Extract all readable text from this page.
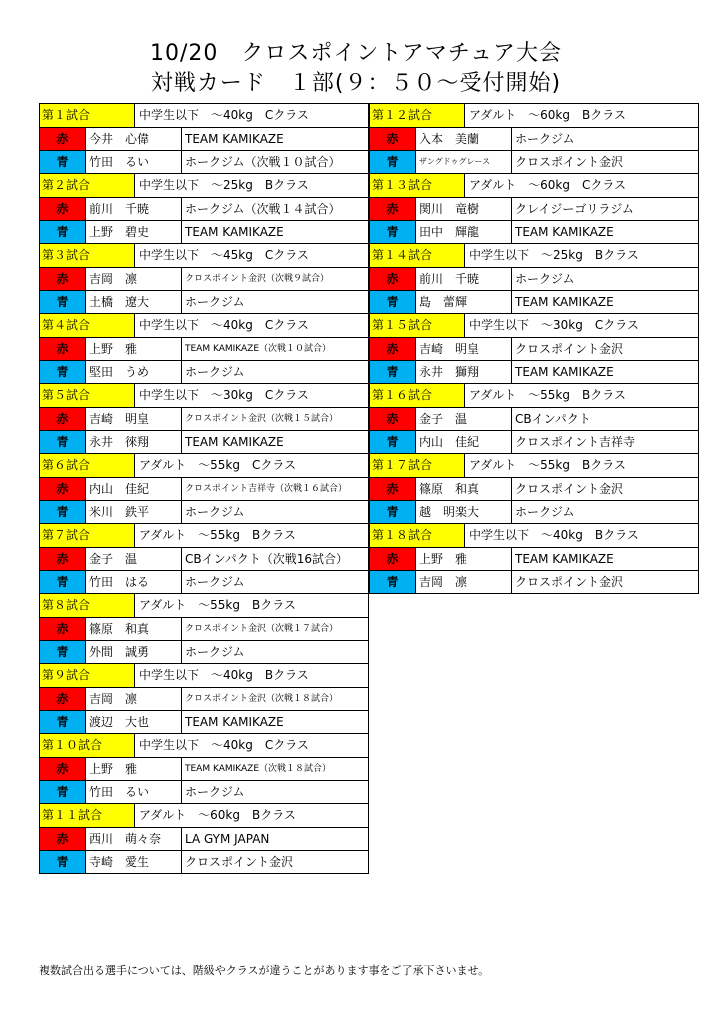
10/20　クロスポイントアマチュア大会
対戦カード　１部(９：５０〜受付開始)
第１試合	中学生以下　〜40kg　Cクラス
赤	今井　心偉	TEAM KAMIKAZE
青	竹田　るい	ホークジム（次戦１０試合）
第２試合	中学生以下　〜25kg　Bクラス
赤	前川　千暁	ホークジム（次戦１４試合）
青	上野　碧史	TEAM KAMIKAZE
第３試合	中学生以下　〜45kg　Cクラス
赤	吉岡　凛	クロスポイント金沢（次戦９試合）
青	土橋　遼大	ホークジム
第４試合	中学生以下　〜40kg　Cクラス
赤	上野　雅	TEAM KAMIKAZE（次戦１０試合）
青	堅田　うめ	ホークジム
第５試合	中学生以下　〜30kg　Cクラス
赤	吉崎　明皇	クロスポイント金沢（次戦１５試合）
青	永井　徠翔	TEAM KAMIKAZE
第６試合	アダルト　〜55kg　Cクラス
赤	内山　佳紀	クロスポイント吉祥寺（次戦１６試合）
青	米川　鉄平	ホークジム
第７試合	アダルト　〜55kg　Bクラス
赤	金子　温	CBインパクト（次戦16試合）
青	竹田　はる	ホークジム
第８試合	アダルト　〜55kg　Bクラス
赤	篠原　和真	クロスポイント金沢（次戦１７試合）
青	外間　誠勇	ホークジム
第９試合	中学生以下　〜40kg　Bクラス
赤	吉岡　凛	クロスポイント金沢（次戦１８試合）
青	渡辺　大也	TEAM KAMIKAZE
第１０試合	中学生以下　〜40kg　Cクラス
赤	上野　雅	TEAM KAMIKAZE（次戦１８試合）
青	竹田　るい	ホークジム
第１１試合	アダルト　〜60kg　Bクラス
赤	西川　萌々奈	LA GYM JAPAN
青	寺崎　愛生	クロスポイント金沢
第１２試合	アダルト　〜60kg　Bクラス
赤	入本　美蘭	ホークジム
青	ザングドゥグレース	クロスポイント金沢
第１３試合	アダルト　〜60kg　Cクラス
赤	関川　竜樹	クレイジーゴリラジム
青	田中　輝龍	TEAM KAMIKAZE
第１４試合	中学生以下　〜25kg　Bクラス
赤	前川　千暁	ホークジム
青	島　蕾輝	TEAM KAMIKAZE
第１５試合	中学生以下　〜30kg　Cクラス
赤	吉崎　明皇	クロスポイント金沢
青	永井　獅翔	TEAM KAMIKAZE
第１６試合	アダルト　〜55kg　Bクラス
赤	金子　温	CBインパクト
青	内山　佳紀	クロスポイント吉祥寺
第１７試合	アダルト　〜55kg　Bクラス
赤	篠原　和真	クロスポイント金沢
青	越　明楽大	ホークジム
第１８試合	中学生以下　〜40kg　Bクラス
赤	上野　雅	TEAM KAMIKAZE
青	吉岡　凛	クロスポイント金沢
複数試合出る選手については、階級やクラスが違うことがあります事をご了承下さいませ。
